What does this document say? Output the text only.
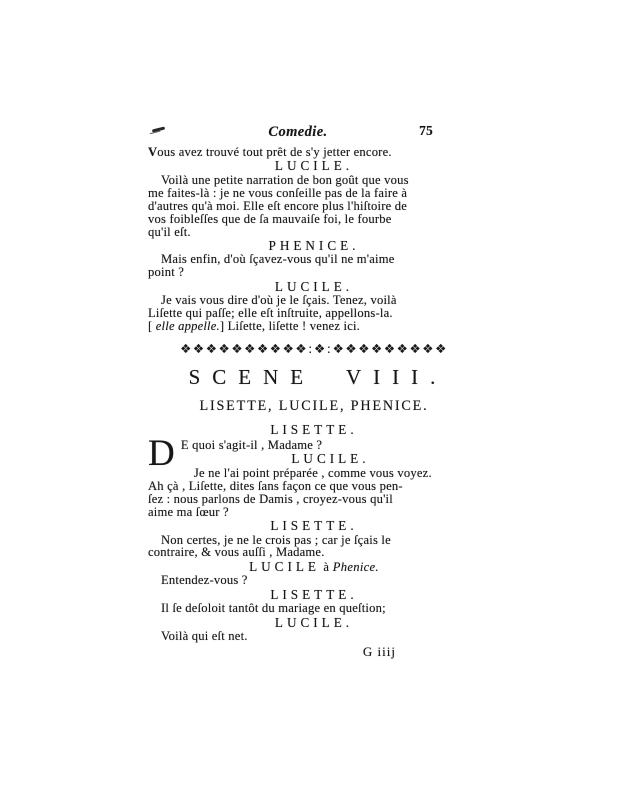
Comedie.	75
Vous avez trouvé tout prêt de s'y jetter encore.
LUCILE.
Voilà une petite narration de bon goût que vous
me faites-là : je ne vous conſeille pas de la faire à
d'autres qu'à moi. Elle eſt encore plus l'hiſtoire de
vos foibleſſes que de ſa mauvaiſe foi, le fourbe
qu'il eſt.
PHENICE.
Mais enfin, d'où ſçavez-vous qu'il ne m'aime
point ?
LUCILE.
Je vais vous dire d'où je le ſçais. Tenez, voilà
Liſette qui paſſe; elle eſt inſtruite, appellons-la.
[ elle appelle.] Liſette, liſette ! venez ici.
❖❖❖❖❖❖❖❖❖❖:❖:❖❖❖❖❖❖❖❖❖
SCENE VIII.
LISETTE, LUCILE, PHENICE.
LISETTE.
D E quoi s'agit-il , Madame ?
LUCILE.
Je ne l'ai point préparée , comme vous voyez.
Ah çà , Liſette, dites ſans façon ce que vous pen-
ſez : nous parlons de Damis , croyez-vous qu'il
aime ma ſœur ?
LISETTE.
Non certes, je ne le crois pas ; car je ſçais le
contraire, & vous auſſi , Madame.
LUCILE à Phenice.
Entendez-vous ?
LISETTE.
Il ſe deſoloit tantôt du mariage en queſtion;
LUCILE.
Voilà qui eſt net.
G iiij
